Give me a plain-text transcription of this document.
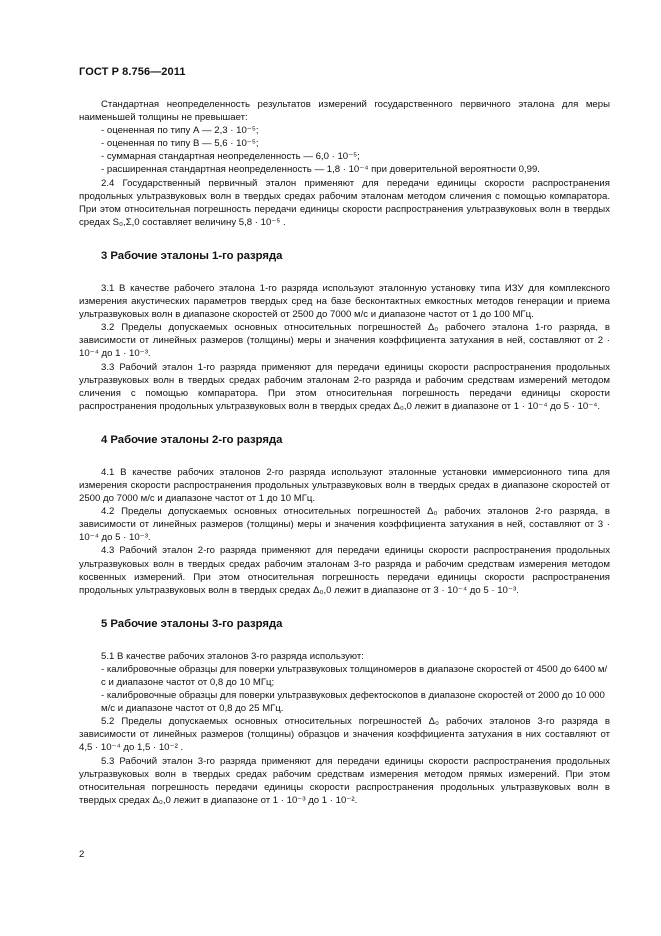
ГОСТ Р 8.756—2011

Стандартная неопределенность результатов измерений государственного первичного эталона для меры наименьшей толщины не превышает:

- оцененная по типу А — 2,3 · 10⁻⁵;

- оцененная по типу В — 5,6 · 10⁻⁵;

- суммарная стандартная неопределенность — 6,0 · 10⁻⁵;

- расширенная стандартная неопределенность — 1,8 · 10⁻⁴ при доверительной вероятности 0,99.

2.4 Государственный первичный эталон применяют для передачи единицы скорости распространения продольных ультразвуковых волн в твердых средах рабочим эталонам методом сличения с помощью компаратора. При этом относительная погрешность передачи единицы скорости распространения ультразвуковых волн в твердых средах S₀,Σ,0 составляет величину 5,8 · 10⁻⁵ .

3 Рабочие эталоны 1-го разряда

3.1 В качестве рабочего эталона 1-го разряда используют эталонную установку типа ИЗУ для комплексного измерения акустических параметров твердых сред на базе бесконтактных емкостных методов генерации и приема ультразвуковых волн в диапазоне скоростей от 2500 до 7000 м/с и диапазоне частот от 1 до 100 МГц.

3.2 Пределы допускаемых основных относительных погрешностей Δ₀ рабочего эталона 1-го разряда, в зависимости от линейных размеров (толщины) меры и значения коэффициента затухания в ней, составляют от 2 · 10⁻⁴ до 1 · 10⁻³.

3.3 Рабочий эталон 1-го разряда применяют для передачи единицы скорости распространения продольных ультразвуковых волн в твердых средах рабочим эталонам 2-го разряда и рабочим средствам измерений методом сличения с помощью компаратора. При этом относительная погрешность передачи единицы скорости распространения продольных ультразвуковых волн в твердых средах Δ₀,0 лежит в диапазоне от 1 · 10⁻⁴ до 5 · 10⁻⁴.

4 Рабочие эталоны 2-го разряда

4.1 В качестве рабочих эталонов 2-го разряда используют эталонные установки иммерсионного типа для измерения скорости распространения продольных ультразвуковых волн в твердых средах в диапазоне скоростей от 2500 до 7000 м/с и диапазоне частот от 1 до 10 МГц.

4.2 Пределы допускаемых основных относительных погрешностей Δ₀ рабочих эталонов 2-го разряда, в зависимости от линейных размеров (толщины) меры и значения коэффициента затухания в ней, составляют от 3 · 10⁻⁴ до 5 · 10⁻³.

4.3 Рабочий эталон 2-го разряда применяют для передачи единицы скорости распространения продольных ультразвуковых волн в твердых средах рабочим эталонам 3-го разряда и рабочим средствам измерения методом косвенных измерений. При этом относительная погрешность передачи единицы скорости распространения продольных ультразвуковых волн в твердых средах Δ₀,0 лежит в диапазоне от 3 · 10⁻⁴ до 5 · 10⁻³.

5 Рабочие эталоны 3-го разряда

5.1 В качестве рабочих эталонов 3-го разряда используют:

- калибровочные образцы для поверки ультразвуковых толщиномеров в диапазоне скоростей от 4500 до 6400 м/с и диапазоне частот от 0,8 до 10 МГц;

- калибровочные образцы для поверки ультразвуковых дефектоскопов в диапазоне скоростей от 2000 до 10 000 м/с и диапазоне частот от 0,8 до 25 МГц.

5.2 Пределы допускаемых основных относительных погрешностей Δ₀ рабочих эталонов 3-го разряда в зависимости от линейных размеров (толщины) образцов и значения коэффициента затухания в них составляют от 4,5 · 10⁻⁴ до 1,5 · 10⁻² .

5.3 Рабочий эталон 3-го разряда применяют для передачи единицы скорости распространения продольных ультразвуковых волн в твердых средах рабочим средствам измерения методом прямых измерений. При этом относительная погрешность передачи единицы скорости распространения продольных ультразвуковых волн в твердых средах Δ₀,0 лежит в диапазоне от 1 · 10⁻³ до 1 · 10⁻².

2
